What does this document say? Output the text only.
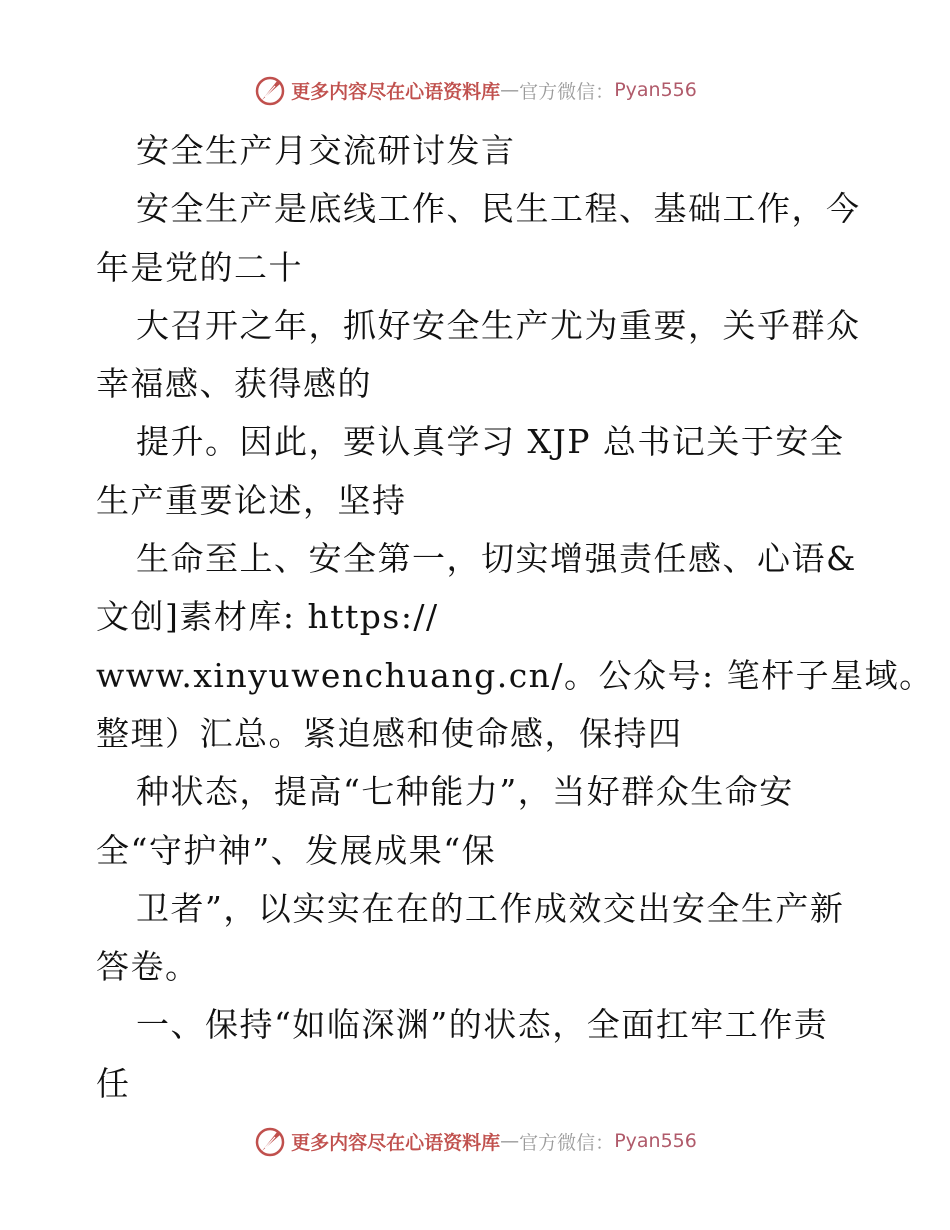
更多内容尽在心语资料库 — 官方微信： Pyan556
安全生产月交流研讨发言
安全生产是底线工作、民生工程、基础工作，今
年是党的二十
大召开之年，抓好安全生产尤为重要，关乎群众
幸福感、获得感的
提升。因此，要认真学习 XJP 总书记关于安全
生产重要论述，坚持
生命至上、安全第一，切实增强责任感、心语&
文创]素材库: https://
www.xinyuwenchuang.cn/。公众号: 笔杆子星域。
整理）汇总。紧迫感和使命感，保持四
种状态，提高“七种能力”，当好群众生命安
全“守护神”、发展成果“保
卫者”，以实实在在的工作成效交出安全生产新
答卷。
一、保持“如临深渊”的状态，全面扛牢工作责
任
更多内容尽在心语资料库 — 官方微信： Pyan556
